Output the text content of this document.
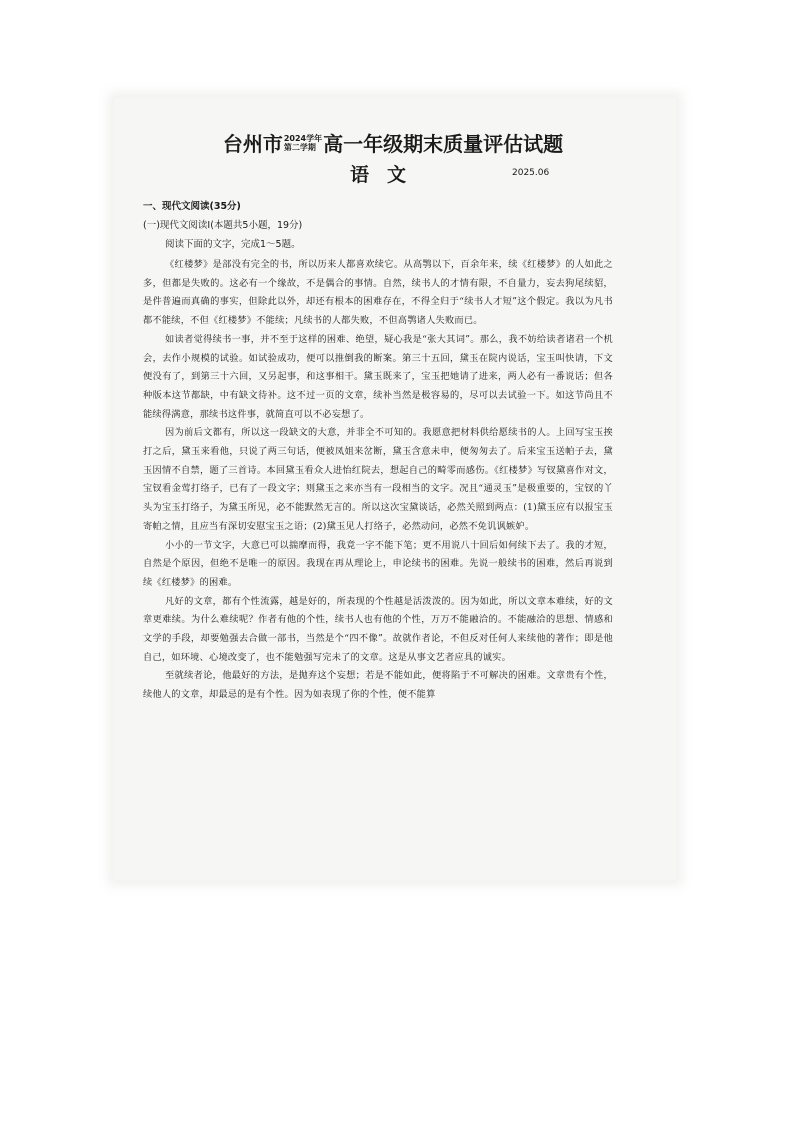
台州市2024学年
第二学期 高一年级期末质量评估试题
语文	2025.06
一、现代文阅读(35分)
(一)现代文阅读Ⅰ(本题共5小题，19分)
阅读下面的文字，完成1～5题。

《红楼梦》是部没有完全的书，所以历来人都喜欢续它。从高鹗以下，百余年来，续《红楼梦》的人如此之多，但都是失败的。这必有一个缘故，不是偶合的事情。自然，续书人的才情有限，不自量力，妄去狗尾续貂，是件普遍而真确的事实，但除此以外，却还有根本的困难存在，不得全归于“续书人才短”这个假定。我以为凡书都不能续，不但《红楼梦》不能续；凡续书的人都失败，不但高鹗诸人失败而已。

如读者觉得续书一事，并不至于这样的困难、绝望，疑心我是“张大其词”。那么，我不妨给读者诸君一个机会，去作小规模的试验。如试验成功，便可以推倒我的断案。第三十五回，黛玉在院内说话，宝玉叫快请，下文便没有了，到第三十六回，又另起事，和这事相干。黛玉既来了，宝玉把她请了进来，两人必有一番说话；但各种版本这节都缺，中有缺文待补。这不过一页的文章，续补当然是极容易的，尽可以去试验一下。如这节尚且不能续得满意，那续书这件事，就简直可以不必妄想了。

因为前后文都有，所以这一段缺文的大意，并非全不可知的。我愿意把材料供给愿续书的人。上回写宝玉挨打之后，黛玉来看他，只说了两三句话，便被凤姐来岔断，黛玉含意未申，便匆匆去了。后来宝玉送帕子去，黛玉因情不自禁，题了三首诗。本回黛玉看众人进怡红院去，想起自己的畸零而感伤。《红楼梦》写钗黛喜作对文，宝钗看金莺打络子，已有了一段文字；则黛玉之来亦当有一段相当的文字。况且“通灵玉”是极重要的，宝钗的丫头为宝玉打络子，为黛玉所见，必不能默然无言的。所以这次宝黛谈话，必然关照到两点：(1)黛玉应有以报宝玉寄帕之情，且应当有深切安慰宝玉之语；(2)黛玉见人打络子，必然动问，必然不免讥讽嫉妒。

小小的一节文字，大意已可以揣摩而得，我竟一字不能下笔；更不用说八十回后如何续下去了。我的才短，自然是个原因，但绝不是唯一的原因。我现在再从理论上，申论续书的困难。先说一般续书的困难，然后再说到续《红楼梦》的困难。

凡好的文章，都有个性流露，越是好的，所表现的个性越是活泼泼的。因为如此，所以文章本难续，好的文章更难续。为什么难续呢？作者有他的个性，续书人也有他的个性，万万不能融洽的。不能融洽的思想、情感和文学的手段，却要勉强去合做一部书，当然是个“四不像”。故就作者论，不但反对任何人来续他的著作；即是他自己，如环境、心境改变了，也不能勉强写完未了的文章。这是从事文艺者应具的诚实。

至就续者论，他最好的方法，是抛弃这个妄想；若是不能如此，便将陷于不可解决的困难。文章贵有个性，续他人的文章，却最忌的是有个性。因为如表现了你的个性，便不能算
